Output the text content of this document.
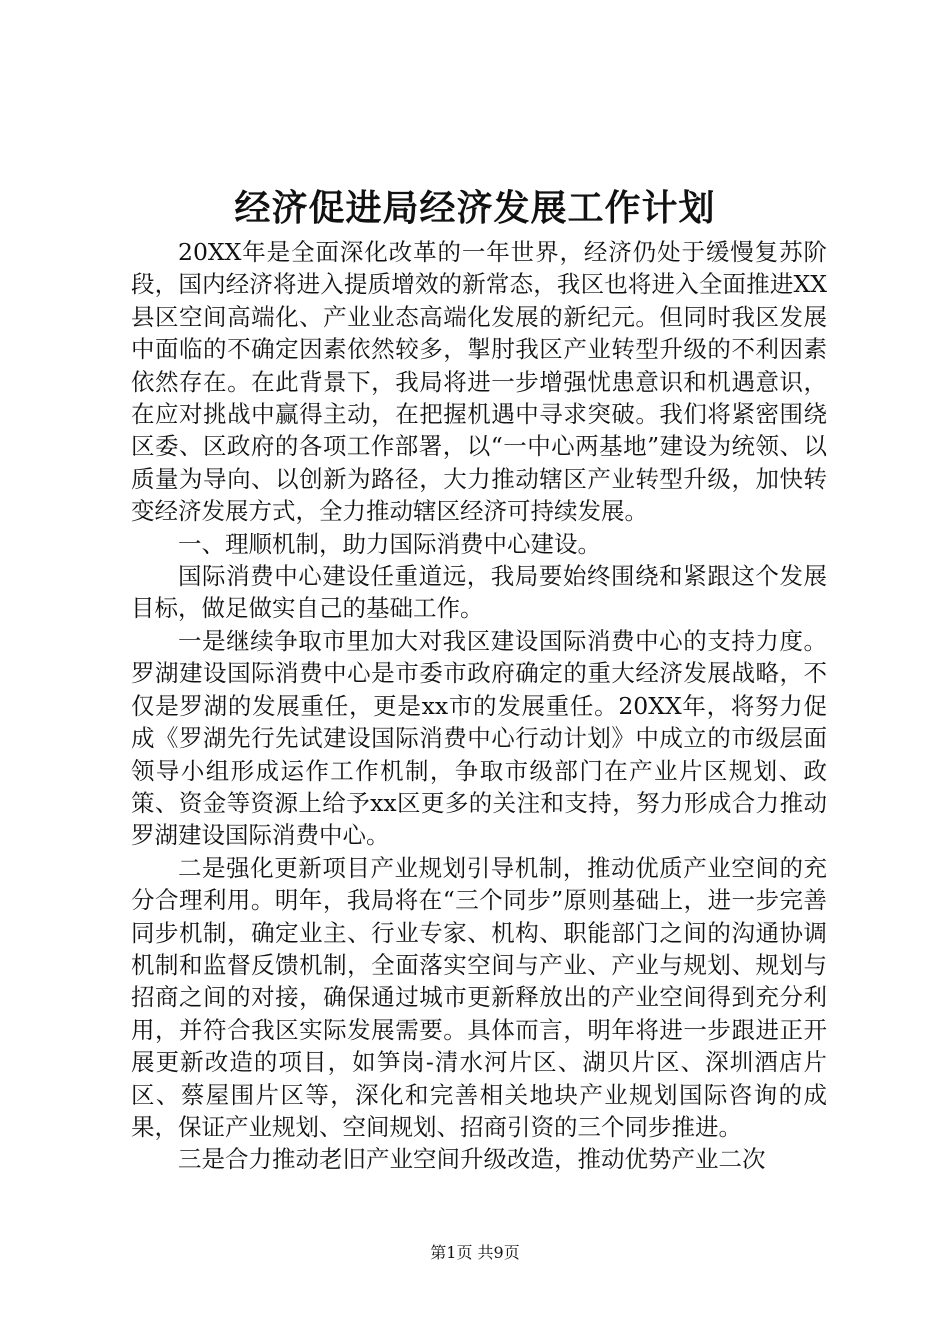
经济促进局经济发展工作计划

20XX年是全面深化改革的一年世界，经济仍处于缓慢复苏阶段，国内经济将进入提质增效的新常态，我区也将进入全面推进XX县区空间高端化、产业业态高端化发展的新纪元。但同时我区发展中面临的不确定因素依然较多，掣肘我区产业转型升级的不利因素依然存在。在此背景下，我局将进一步增强忧患意识和机遇意识，在应对挑战中赢得主动，在把握机遇中寻求突破。我们将紧密围绕区委、区政府的各项工作部署，以“一中心两基地”建设为统领、以质量为导向、以创新为路径，大力推动辖区产业转型升级，加快转变经济发展方式，全力推动辖区经济可持续发展。

一、理顺机制，助力国际消费中心建设。

国际消费中心建设任重道远，我局要始终围绕和紧跟这个发展目标，做足做实自己的基础工作。

一是继续争取市里加大对我区建设国际消费中心的支持力度。罗湖建设国际消费中心是市委市政府确定的重大经济发展战略，不仅是罗湖的发展重任，更是xx市的发展重任。20XX年，将努力促成《罗湖先行先试建设国际消费中心行动计划》中成立的市级层面领导小组形成运作工作机制，争取市级部门在产业片区规划、政策、资金等资源上给予xx区更多的关注和支持，努力形成合力推动罗湖建设国际消费中心。

二是强化更新项目产业规划引导机制，推动优质产业空间的充分合理利用。明年，我局将在“三个同步”原则基础上，进一步完善同步机制，确定业主、行业专家、机构、职能部门之间的沟通协调机制和监督反馈机制，全面落实空间与产业、产业与规划、规划与招商之间的对接，确保通过城市更新释放出的产业空间得到充分利用，并符合我区实际发展需要。具体而言，明年将进一步跟进正开展更新改造的项目，如笋岗-清水河片区、湖贝片区、深圳酒店片区、蔡屋围片区等，深化和完善相关地块产业规划国际咨询的成果，保证产业规划、空间规划、招商引资的三个同步推进。

三是合力推动老旧产业空间升级改造，推动优势产业二次

第1页 共9页
